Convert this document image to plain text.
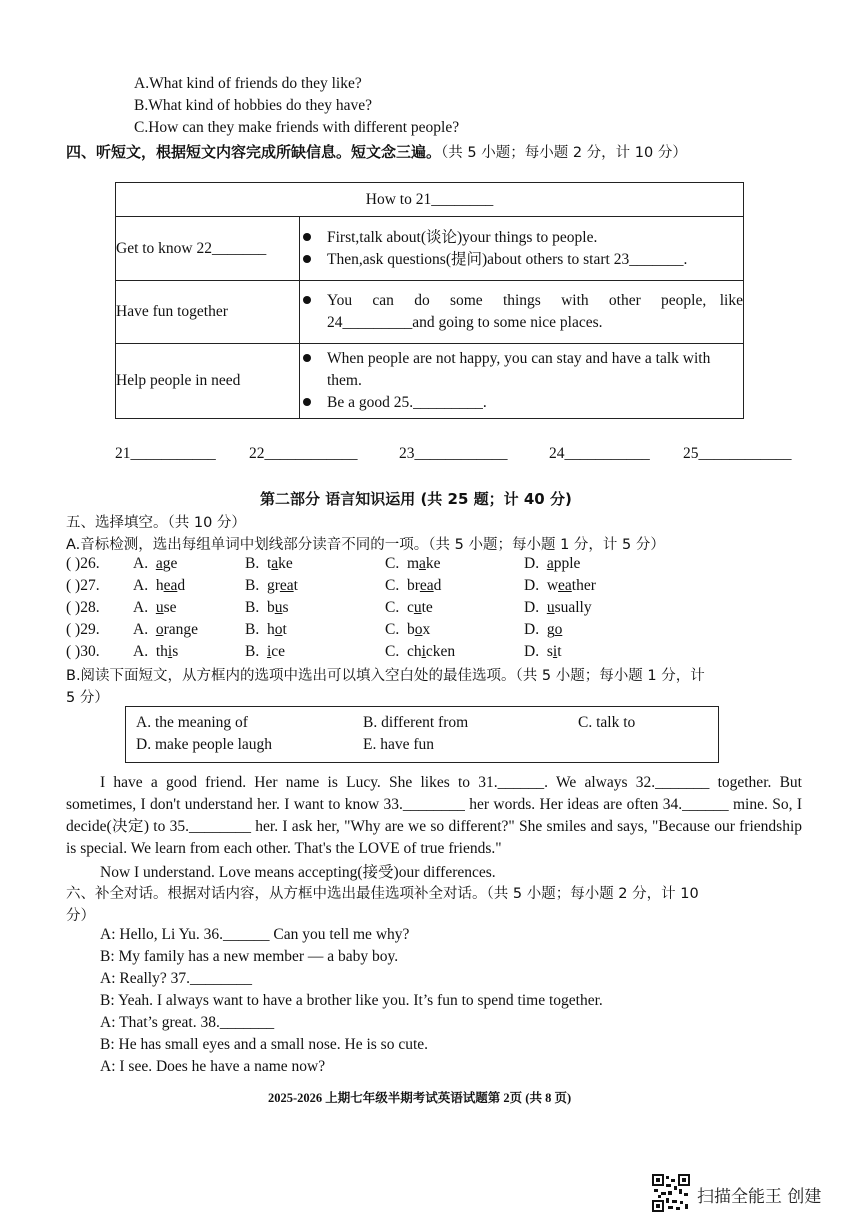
A.What kind of friends do they like?
B.What kind of hobbies do they have?
C.How can they make friends with different people?
四、听短文，根据短文内容完成所缺信息。短文念三遍。（共 5 小题；每小题 2 分，计 10 分）
How to 21________	
Get to know 22_______	First,talk about(谈论)your things to people.
Then,ask questions(提问)about others to start 23_______.

Have fun together	You   can   do   some   things   with   other   people,  like 24_________and going to some nice places.

Help people in need	When people are not happy, you can stay and have a talk with them.
Be a good 25._________.
21___________ 22____________	23____________	24___________ 25____________
第二部分 语言知识运用 (共 25 题；计 40 分)
五、选择填空。（共 10 分）
A.音标检测，选出每组单词中划线部分读音不同的一项。（共 5 小题；每小题 1 分，计 5 分）
( )26. A.  age	B.  take	C.  make	D.  apple
( )27. A.  head	B.  great	C.  bread	D.  weather
( )28. A.  use	B.  bus	C.  cute	D.  usually
( )29. A.  orange	B.  hot	C.  box	D.  go
( )30. A.  this	B.  ice	C.  chicken	D.  sit
B.阅读下面短文，从方框内的选项中选出可以填入空白处的最佳选项。（共 5 小题；每小题 1 分，计
5 分）
A. the meaning of	B. different from	C. talk to
D. make people laugh	E. have fun
I have a good friend. Her name is Lucy. She likes to 31.______. We always 32._______ together. But sometimes, I don't understand her. I want to know 33.________ her words. Her ideas are often 34.______ mine. So, I decide(决定) to 35.________ her. I ask her, "Why are we so different?" She smiles and says, "Because our friendship is special. We learn from each other. That's the LOVE of true friends."
Now I understand. Love means accepting(接受)our differences.
六、补全对话。根据对话内容，从方框中选出最佳选项补全对话。（共 5 小题；每小题 2 分，计 10
分）
A: Hello, Li Yu. 36.______ Can you tell me why?
B: My family has a new member — a baby boy.
A: Really? 37.________
B: Yeah. I always want to have a brother like you. It’s fun to spend time together.
A: That’s great. 38._______
B: He has small eyes and a small nose. He is so cute.
A: I see. Does he have a name now?
2025-2026 上期七年级半期考试英语试题第 2页 (共 8 页)
扫描全能王 创建
